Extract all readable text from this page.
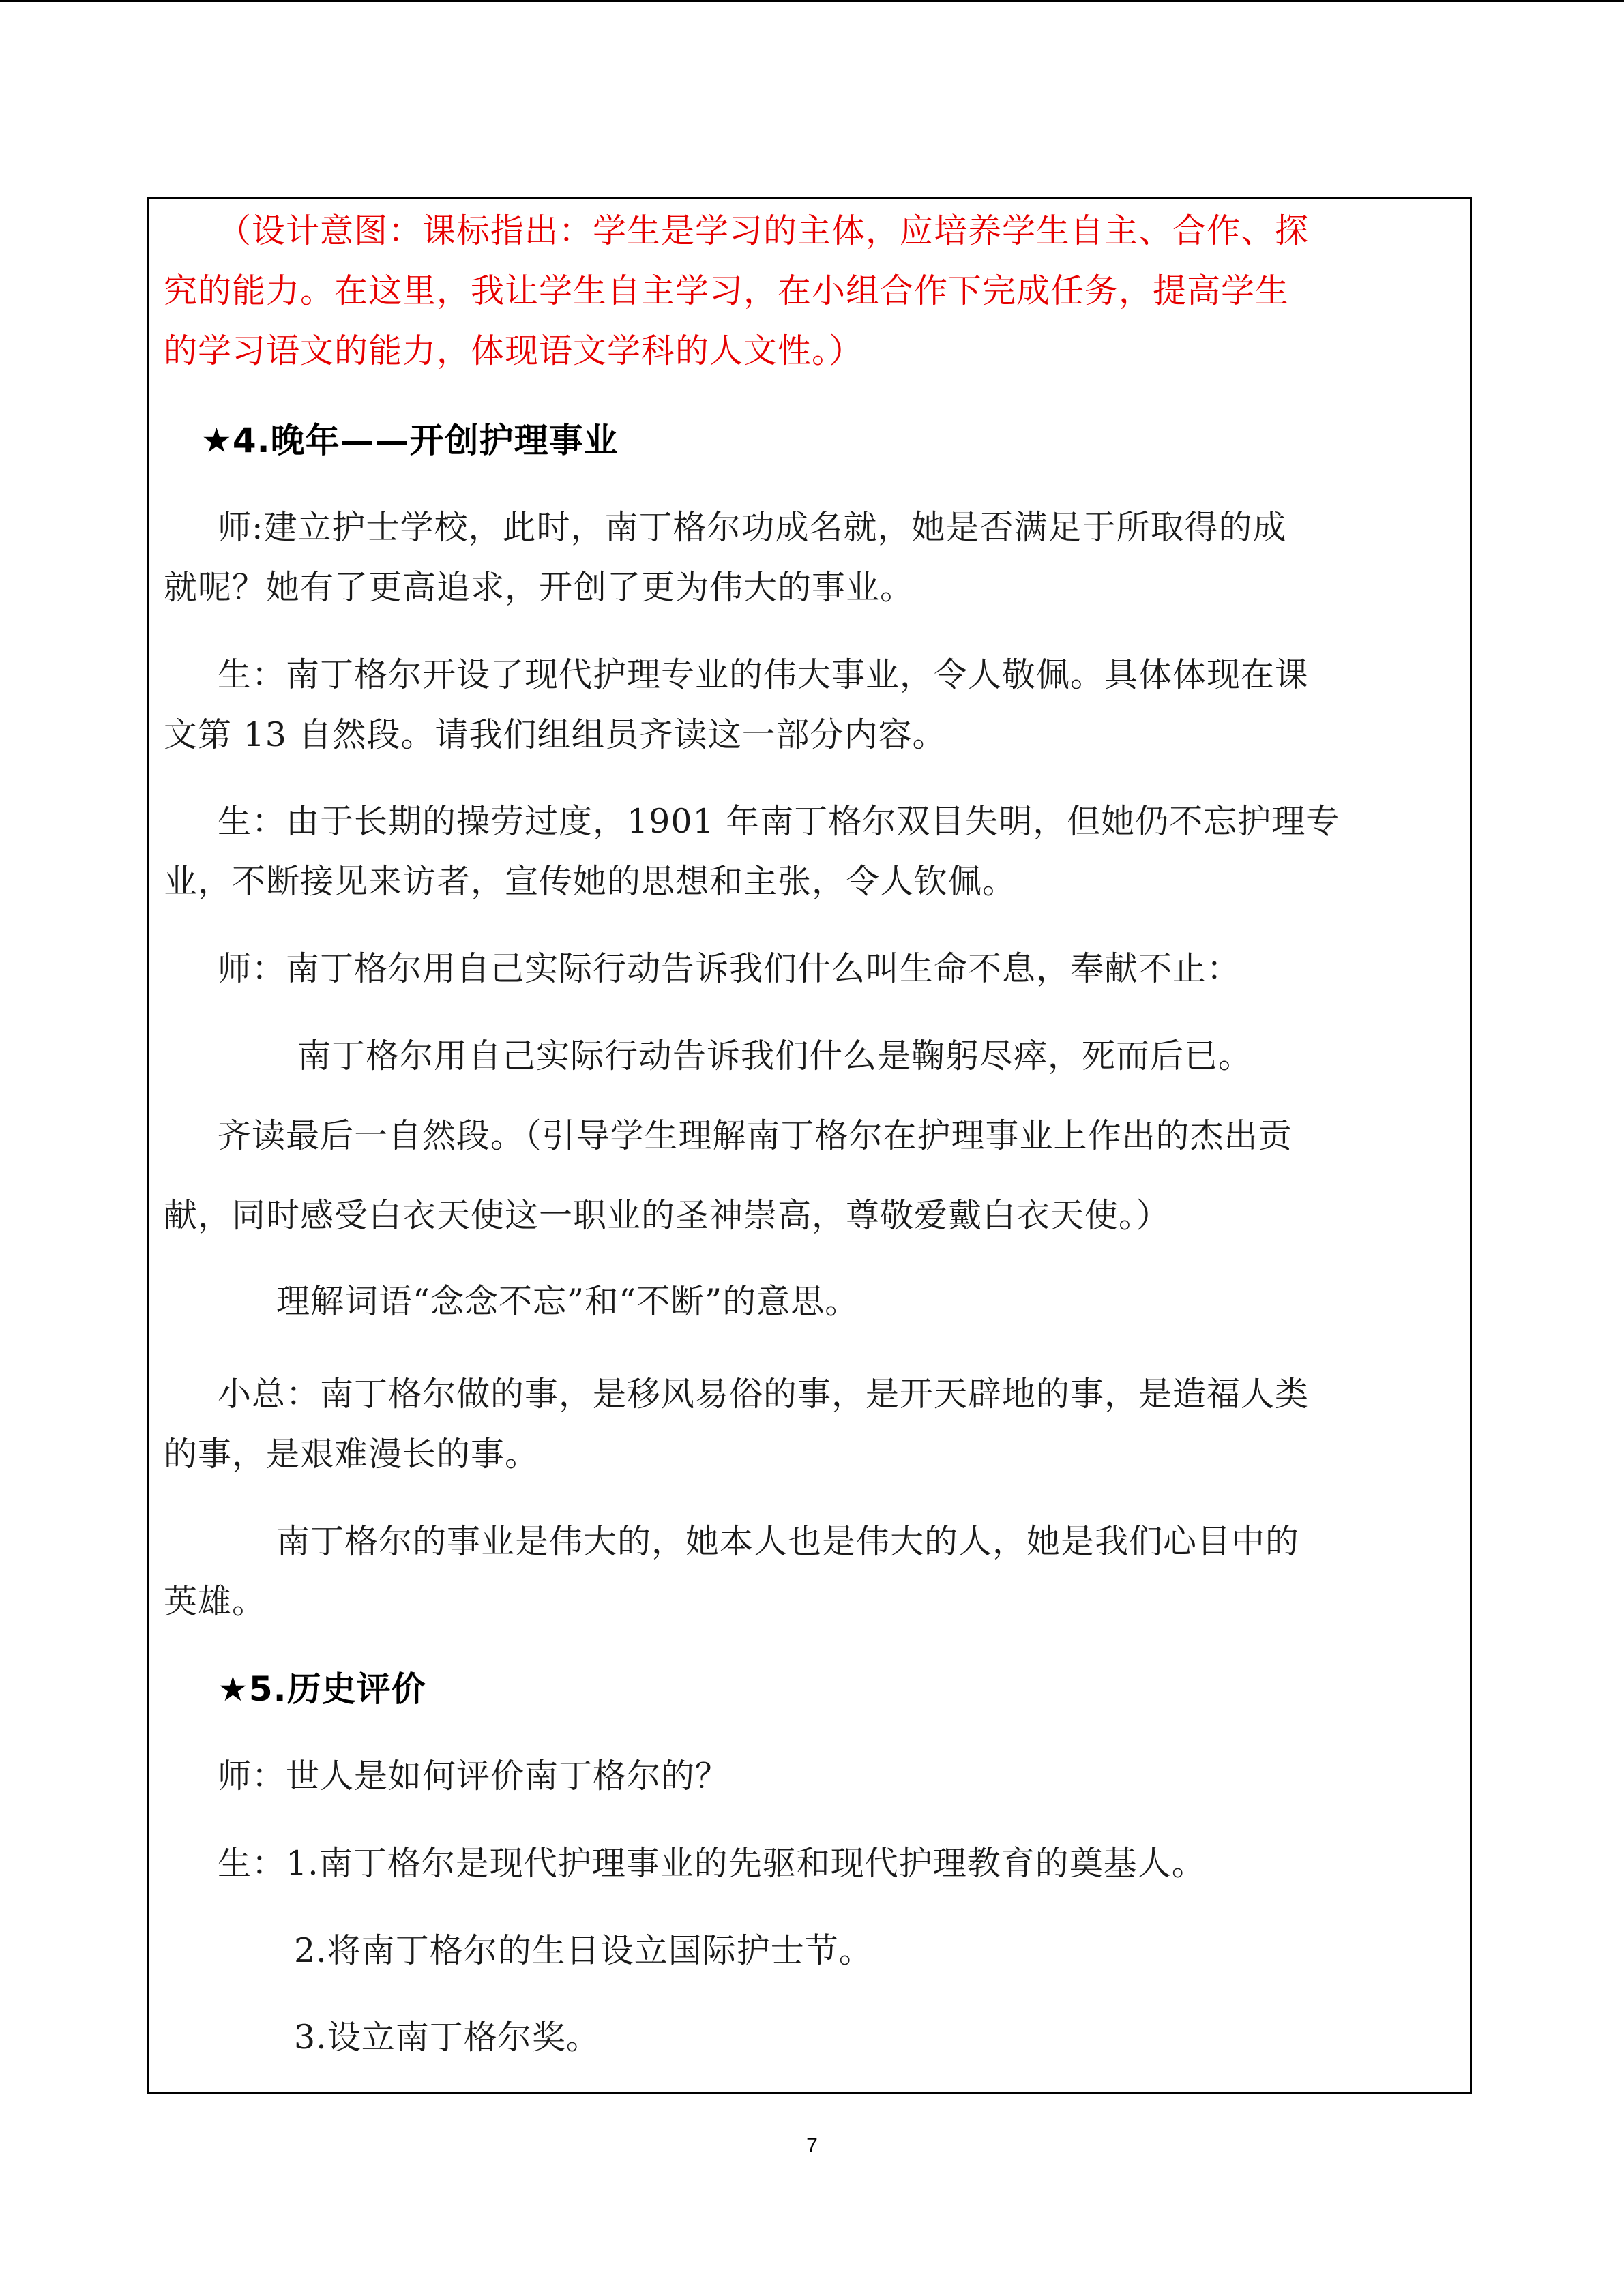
（设计意图：课标指出：学生是学习的主体，应培养学生自主、合作、探

究的能力。在这里，我让学生自主学习，在小组合作下完成任务，提高学生

的学习语文的能力，体现语文学科的人文性。）

★4.晚年——开创护理事业

师:建立护士学校，此时，南丁格尔功成名就，她是否满足于所取得的成

就呢？她有了更高追求，开创了更为伟大的事业。

生：南丁格尔开设了现代护理专业的伟大事业，令人敬佩。具体体现在课

文第 13 自然段。请我们组组员齐读这一部分内容。

生：由于长期的操劳过度，1901 年南丁格尔双目失明，但她仍不忘护理专

业，不断接见来访者，宣传她的思想和主张，令人钦佩。

师：南丁格尔用自己实际行动告诉我们什么叫生命不息，奉献不止：

南丁格尔用自己实际行动告诉我们什么是鞠躬尽瘁，死而后已。

齐读最后一自然段。（引导学生理解南丁格尔在护理事业上作出的杰出贡

献，同时感受白衣天使这一职业的圣神崇高，尊敬爱戴白衣天使。）

理解词语“念念不忘”和“不断”的意思。

小总：南丁格尔做的事，是移风易俗的事，是开天辟地的事，是造福人类

的事，是艰难漫长的事。

南丁格尔的事业是伟大的，她本人也是伟大的人，她是我们心目中的

英雄。

★5.历史评价

师：世人是如何评价南丁格尔的？

生：1.南丁格尔是现代护理事业的先驱和现代护理教育的奠基人。

2.将南丁格尔的生日设立国际护士节。

3.设立南丁格尔奖。

7
